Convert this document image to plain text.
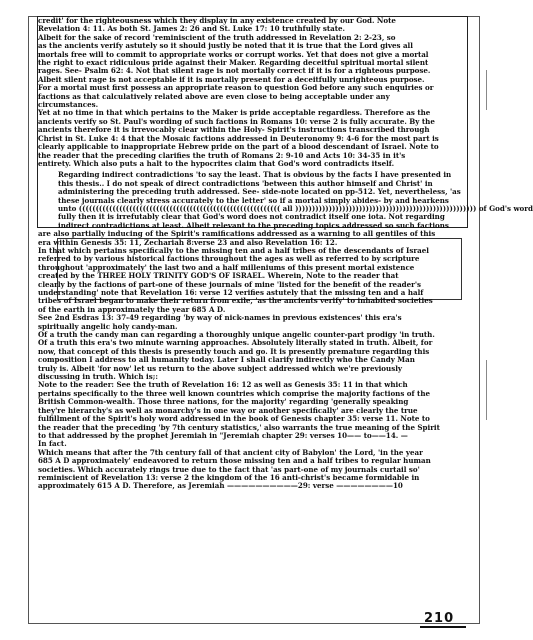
credit' for the righteousness which they display in any existence created by our God. Note
Revelation 4: 11. As both St. James 2: 26 and St. Luke 17: 10 truthfully state.
Albeit for the sake of record 'reminiscient of the truth addressed in Revelation 2: 2-23, so
as the ancients verify astutely so it should justly be noted that it is true that the Lord gives all
mortals free will to commit to appropriate works or corrupt works. Yet that does not give a mortal
the right to exact ridiculous pride against their Maker. Regarding deceitful spiritual mortal silent
rages. See- Psalm 62: 4. Not that silent rage is not mortally correct if it is for a righteous purpose.
Albeit silent rage is not acceptable if it is mortally present for a deceitfully unrighteous purpose.
For a mortal must first possess an appropriate reason to question God before any such enquiries or
factions as that calculatively related above are even close to being acceptable under any
circumstances.
Yet at no time in that which pertains to the Maker is pride acceptable regardless. Therefore as the
ancients verify so St. Paul's wording of such factions in Romans 10: verse 2 is fully accurate. By the
ancients therefore it is irrevocably clear within the Holy- Spirit's instructions transcribed through
Christ in St. Luke 4: 4 that the Mosaic factions addressed in Deuteronomy 9: 4-6 for the most part is
clearly applicable to inappropriate Hebrew pride on the part of a blood descendant of Israel. Note to
the reader that the preceding clarifies the truth of Romans 2: 9-10 and Acts 10: 34-35 in it's
entirety. Which also puts a halt to the hypocrites claim that God's word contradicts itself.
Regarding indirect contradictions 'to say the least. That is obvious by the facts I have presented in
this thesis.. I do not speak of direct contradictions 'between this author himself and Christ' in
administering the preceding truth addressed. See- side-note located on pp-512. Yet, nevertheless, 'as
these journals clearly stress accurately to the letter' so if a mortal simply abides- by and hearkens
unto (((((((((((((((((((((((((((((((((((((((((((((((((((((((((((( all )))))))))))))))))))))))))))))))))))))))))))))))))))))) of God's word
fully then it is irrefutably clear that God's word does not contradict itself one iota. Not regarding
indirect contradictions at least. Albeit relevant to the preceding topics addressed so such factions
are also partially inducing of the Spirit's ramifications addressed as a warning to all gentiles of this
era within Genesis 35: 11, Zechariah 8:verse 23 and also Revelation 16: 12.
In that which pertains specifically to the missing ten and a half tribes of the descendants of Israel
referred to by various historical factions throughout the ages as well as referred to by scripture
throughout 'approximately' the last two and a half milleniums of this present mortal existence
created by the THREE HOLY TRINITY GOD'S OF ISRAEL. Wherein, Note to the reader that
clearly by the factions of part-one of these journals of mine 'listed for the benefit of the reader's
understanding' note that Revelation 16: verse 12 verifies astutely that the missing ten and a half
tribes of Israel began to make their return from exile, 'as the ancients verify' to inhabited societies
of the earth in approximately the year 685 A D.
See 2nd Esdras 13: 37-49 regarding 'by way of nick-names in previous existences' this era's
spiritually angelic holy candy-man.
Of a truth the candy man can regarding a thoroughly unique angelic counter-part prodigy 'in truth.
Of a truth this era's two minute warning approaches. Absolutely literally stated in truth. Albeit, for
now, that concept of this thesis is presently touch and go. It is presently premature regarding this
composition I address to all humanity today. Later I shall clarify indirectly who the Candy Man
truly is. Albeit 'for now' let us return to the above subject addressed which we're previously
discussing in truth. Which is;:
Note to the reader: See the truth of Revelation 16: 12 as well as Genesis 35: 11 in that which
pertains specifically to the three well known countries which comprise the majority factions of the
British Common-wealth. Those three nations, for the majority' regarding 'generally speaking
they're hierarchy's as well as monarchy's in one way or another specifically' are clearly the true
fulfillment of the Spirit's holy word addressed in the book of Genesis chapter 35: verse 11. Note to
the reader that the preceding 'by 7th century statistics,' also warrants the true meaning of the Spirit
to that addressed by the prophet Jeremiah in "Jeremiah chapter 29: verses 10—— to——14. —
In fact.
Which means that after the 7th century fall of that ancient city of Babylon' the Lord, 'in the year
685 A D approximately' endeavored to return those missing ten and a half tribes to regular human
societies. Which accurately rings true due to the fact that 'as part-one of my journals curtail so'
reminiscient of Revelation 13: verse 2 the kingdom of the 16 anti-christ's became formidable in
approximately 615 A D. Therefore, as Jeremiah ——————————29: verse ————————10
210
